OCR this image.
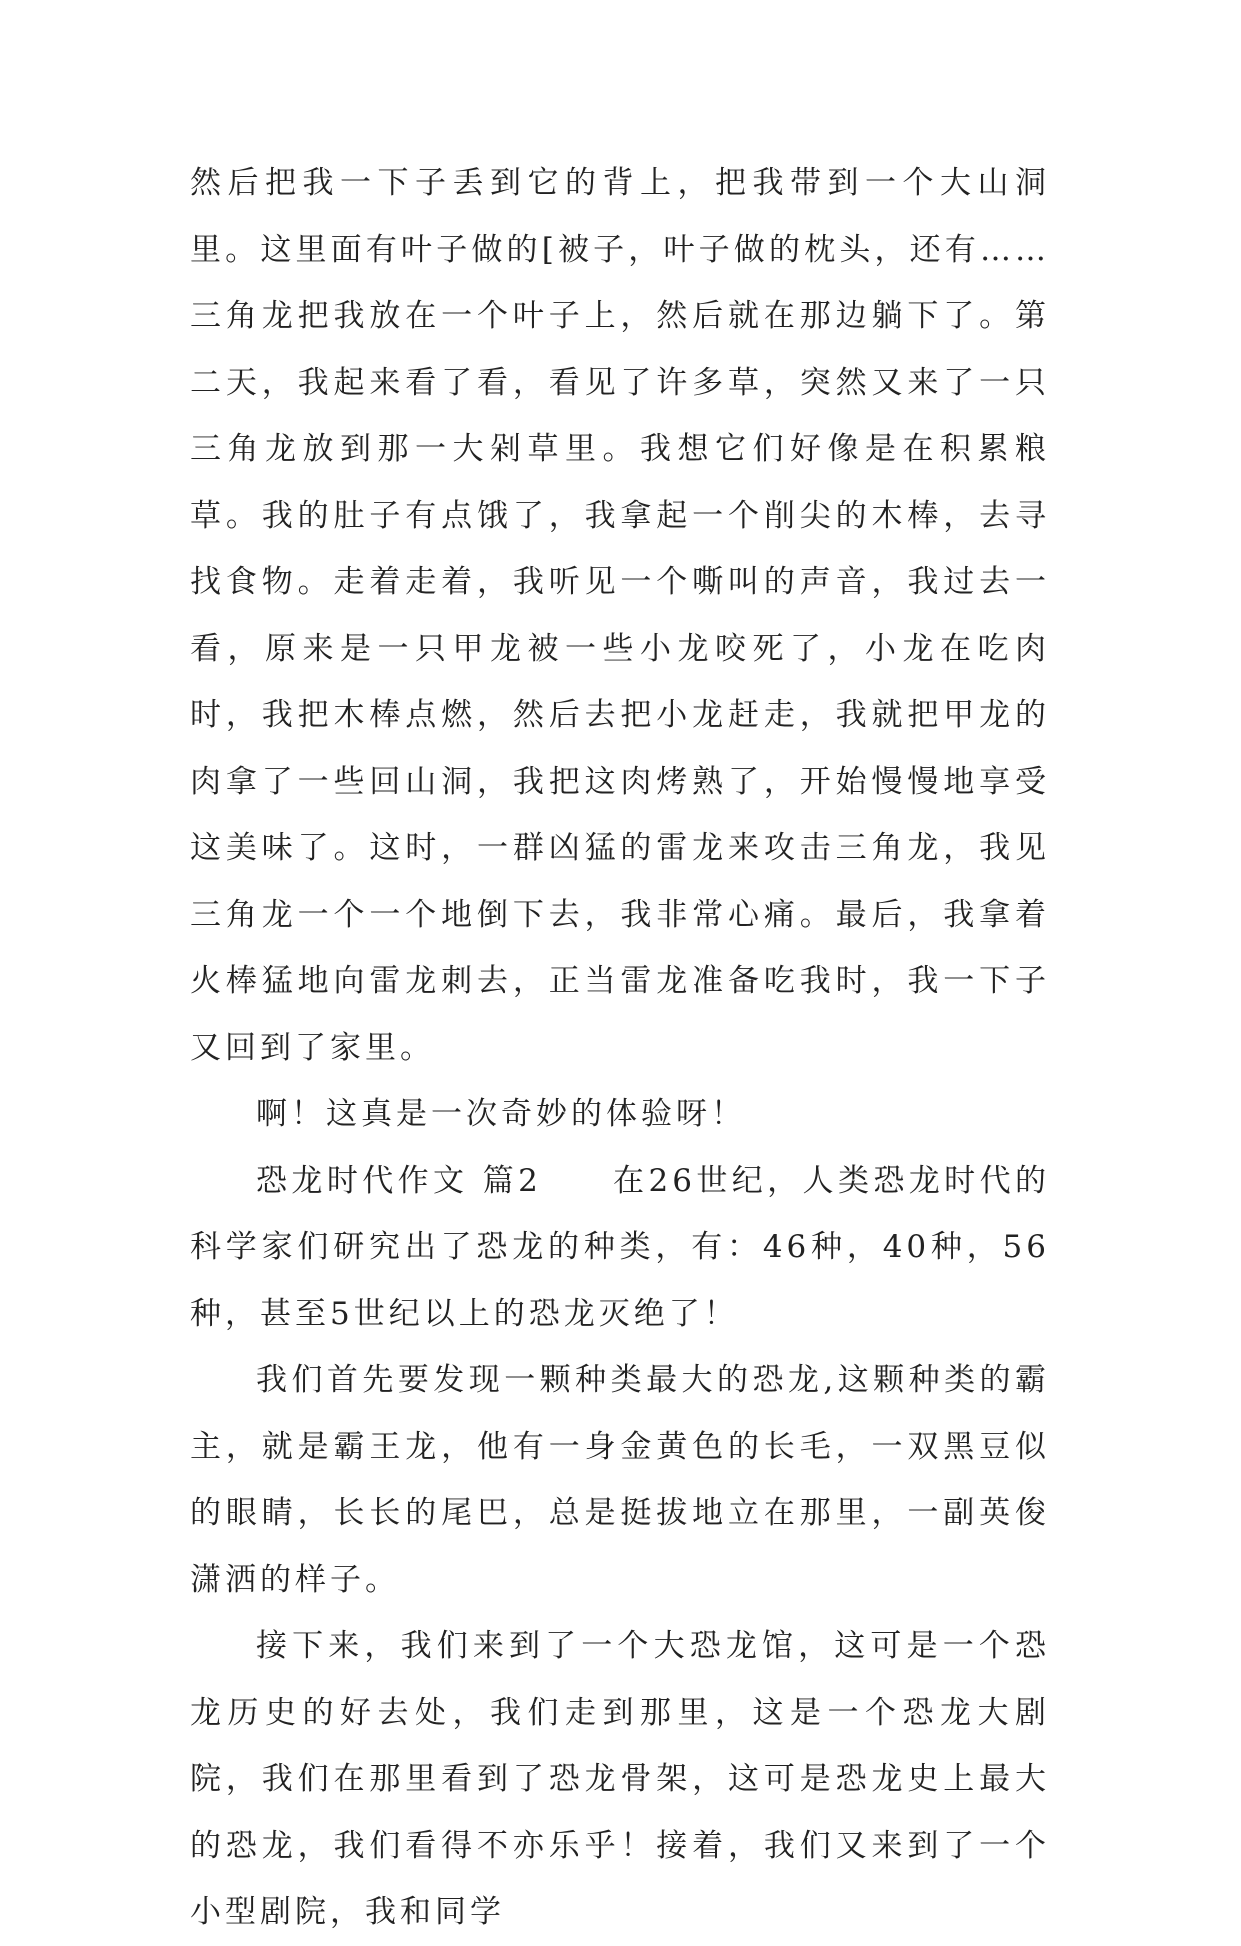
然后把我一下子丢到它的背上，把我带到一个大山洞里。这里面有叶子做的[被子，叶子做的枕头，还有……三角龙把我放在一个叶子上，然后就在那边躺下了。第二天，我起来看了看，看见了许多草，突然又来了一只三角龙放到那一大剁草里。我想它们好像是在积累粮草。我的肚子有点饿了，我拿起一个削尖的木棒，去寻找食物。走着走着，我听见一个嘶叫的声音，我过去一看，原来是一只甲龙被一些小龙咬死了，小龙在吃肉时，我把木棒点燃，然后去把小龙赶走，我就把甲龙的肉拿了一些回山洞，我把这肉烤熟了，开始慢慢地享受这美味了。这时，一群凶猛的雷龙来攻击三角龙，我见三角龙一个一个地倒下去，我非常心痛。最后，我拿着火棒猛地向雷龙刺去，正当雷龙准备吃我时，我一下子又回到了家里。

啊！这真是一次奇妙的体验呀！

恐龙时代作文 篇2　　在26世纪，人类恐龙时代的科学家们研究出了恐龙的种类，有：46种，40种，56种，甚至5世纪以上的恐龙灭绝了！

我们首先要发现一颗种类最大的恐龙,这颗种类的霸主，就是霸王龙，他有一身金黄色的长毛，一双黑豆似的眼睛，长长的尾巴，总是挺拔地立在那里，一副英俊潇洒的样子。

接下来，我们来到了一个大恐龙馆，这可是一个恐龙历史的好去处，我们走到那里，这是一个恐龙大剧院，我们在那里看到了恐龙骨架，这可是恐龙史上最大的恐龙，我们看得不亦乐乎！接着，我们又来到了一个小型剧院，我和同学
